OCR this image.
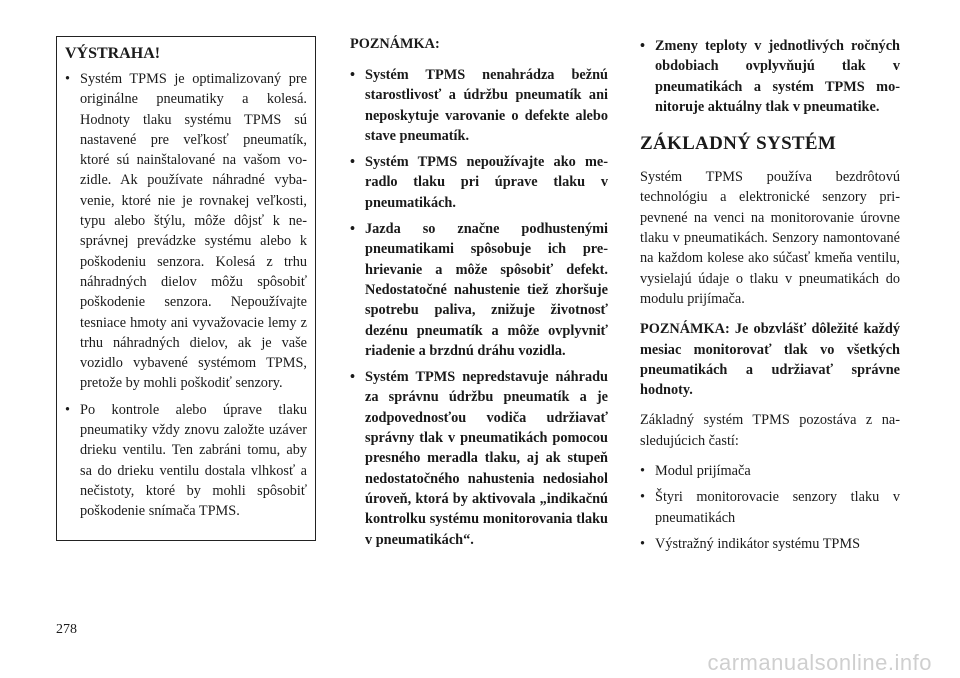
VÝSTRAHA!
• Systém TPMS je optimalizovaný pre originálne pneumatiky a kolesá. Hodnoty tlaku systému TPMS sú nastavené pre veľkosť pneumatík, ktoré sú nainštalované na vašom vozidle. Ak používate náhradné vybavenie, ktoré nie je rovnakej veľkosti, typu alebo štýlu, môže dôjsť k nesprávnej prevádzke systému alebo k poškodeniu senzora. Kolesá z trhu náhradných dielov môžu spôsobiť poškodenie senzora. Nepoužívajte tesniace hmoty ani vyvažovacie lemy z trhu náhradných dielov, ak je vaše vozidlo vybavené systémom TPMS, pretože by mohli poškodiť senzory.
• Po kontrole alebo úprave tlaku pneumatiky vždy znovu založte uzáver drieku ventilu. Ten zabráni tomu, aby sa do drieku ventilu dostala vlhkosť a nečistoty, ktoré by mohli spôsobiť poškodenie snímača TPMS.
POZNÁMKA:
• Systém TPMS nenahrádza bežnú starostlivosť a údržbu pneumatík ani neposkytuje varovanie o defekte alebo stave pneumatík.
• Systém TPMS nepoužívajte ako meradlo tlaku pri úprave tlaku v pneumatikách.
• Jazda so značne podhustenými pneumatikami spôsobuje ich prehrievanie a môže spôsobiť defekt. Nedostatočné nahustenie tiež zhoršuje spotrebu paliva, znižuje životnosť dezénu pneumatík a môže ovplyvniť riadenie a brzdnú dráhu vozidla.
• Systém TPMS nepredstavuje náhradu za správnu údržbu pneumatík a je zodpovednosťou vodiča udržiavať správny tlak v pneumatikách pomocou presného meradla tlaku, aj ak stupeň nedostatočného nahustenia nedosiahol úroveň, ktorá by aktivovala „indikačnú kontrolku systému monitorovania tlaku v pneumatikách“.
• Zmeny teploty v jednotlivých ročných obdobiach ovplyvňujú tlak v pneumatikách a systém TPMS monitoruje aktuálny tlak v pneumatike.
ZÁKLADNÝ SYSTÉM

Systém TPMS používa bezdrôtovú technológiu a elektronické senzory pripevnené na venci na monitorovanie úrovne tlaku v pneumatikách. Senzory namontované na každom kolese ako súčasť kmeňa ventilu, vysielajú údaje o tlaku v pneumatikách do modulu prijímača.

POZNÁMKA: Je obzvlášť dôležité každý mesiac monitorovať tlak vo všetkých pneumatikách a udržiavať správne hodnoty.

Základný systém TPMS pozostáva z nasledujúcich častí:

• Modul prijímača
• Štyri monitorovacie senzory tlaku v pneumatikách
• Výstražný indikátor systému TPMS
278
carmanualsonline.info
